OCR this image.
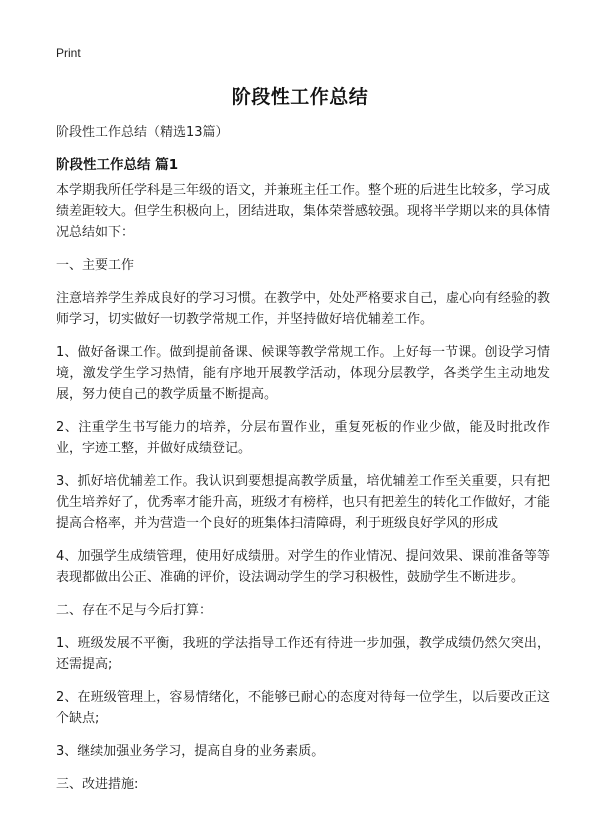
Print
阶段性工作总结
阶段性工作总结（精选13篇）
阶段性工作总结 篇1

本学期我所任学科是三年级的语文，并兼班主任工作。整个班的后进生比较多，学习成绩差距较大。但学生积极向上，团结进取，集体荣誉感较强。现将半学期以来的具体情况总结如下：

一、主要工作

注意培养学生养成良好的学习习惯。在教学中，处处严格要求自己，虚心向有经验的教师学习，切实做好一切教学常规工作，并坚持做好培优辅差工作。

1、做好备课工作。做到提前备课、候课等教学常规工作。上好每一节课。创设学习情境，激发学生学习热情，能有序地开展教学活动，体现分层教学，各类学生主动地发展，努力使自己的教学质量不断提高。

2、注重学生书写能力的培养，分层布置作业，重复死板的作业少做，能及时批改作业，字迹工整，并做好成绩登记。

3、抓好培优辅差工作。我认识到要想提高教学质量，培优辅差工作至关重要，只有把优生培养好了，优秀率才能升高，班级才有榜样，也只有把差生的转化工作做好，才能提高合格率，并为营造一个良好的班集体扫清障碍，利于班级良好学风的形成

4、加强学生成绩管理，使用好成绩册。对学生的作业情况、提问效果、课前准备等等表现都做出公正、准确的评价，设法调动学生的学习积极性，鼓励学生不断进步。

二、存在不足与今后打算：

1、班级发展不平衡，我班的学法指导工作还有待进一步加强，教学成绩仍然欠突出，还需提高;

2、在班级管理上，容易情绪化，不能够已耐心的态度对待每一位学生，以后要改正这个缺点;

3、继续加强业务学习，提高自身的业务素质。

三、改进措施:
